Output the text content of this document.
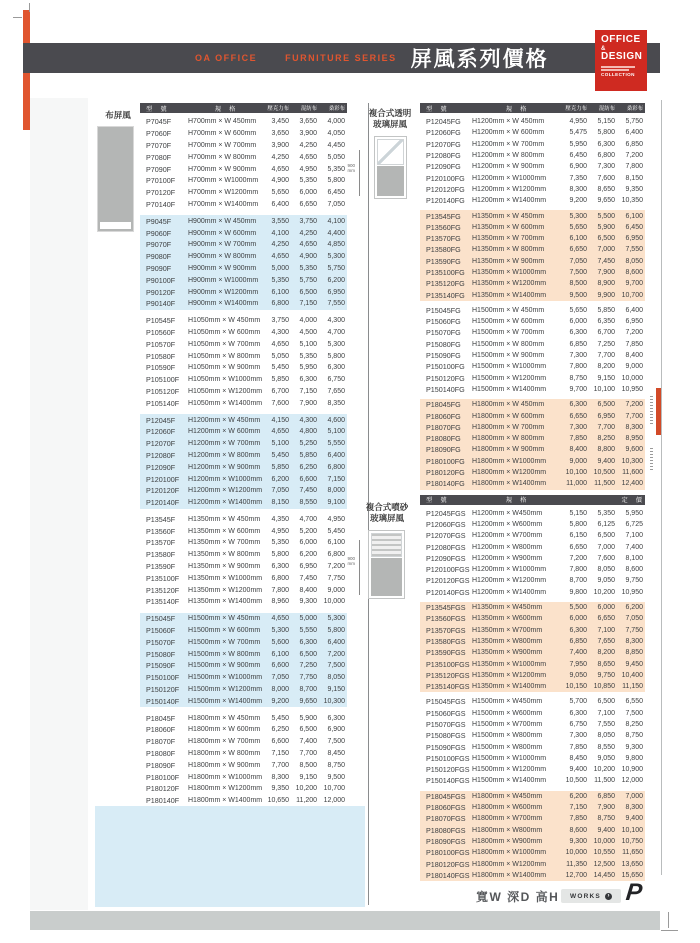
OA OFFICE	FURNITURE SERIES 屏風系列價格
OFFICE
&
DESIGN
COLLECTION
布屏風
型　號	規　格	壓克力布	混紡布	桑彩布
P7045F	H700mm × W 450mm	3,450	3,650	4,000
P7060F	H700mm × W 600mm	3,650	3,900	4,050
P7070F	H700mm × W 700mm	3,900	4,250	4,450
P7080F	H700mm × W 800mm	4,250	4,650	5,050
P7090F	H700mm × W 900mm	4,650	4,950	5,350
P70100F	H700mm × W1000mm	4,900	5,350	5,800
P70120F	H700mm × W1200mm	5,650	6,000	6,450
P70140F	H700mm × W1400mm	6,400	6,650	7,050
P9045F	H900mm × W 450mm	3,550	3,750	4,100
P9060F	H900mm × W 600mm	4,100	4,250	4,400
P9070F	H900mm × W 700mm	4,250	4,650	4,850
P9080F	H900mm × W 800mm	4,650	4,900	5,300
P9090F	H900mm × W 900mm	5,000	5,350	5,750
P90100F	H900mm × W1000mm	5,350	5,750	6,200
P90120F	H900mm × W1200mm	6,100	6,500	6,950
P90140F	H900mm × W1400mm	6,800	7,150	7,550
P10545F	H1050mm × W 450mm	3,750	4,000	4,300
P10560F	H1050mm × W 600mm	4,300	4,500	4,700
P10570F	H1050mm × W 700mm	4,650	5,100	5,300
P10580F	H1050mm × W 800mm	5,050	5,350	5,800
P10590F	H1050mm × W 900mm	5,450	5,950	6,300
P105100F	H1050mm × W1000mm	5,850	6,300	6,750
P105120F	H1050mm × W1200mm	6,700	7,150	7,650
P105140F	H1050mm × W1400mm	7,600	7,900	8,350
P12045F	H1200mm × W 450mm	4,150	4,300	4,600
P12060F	H1200mm × W 600mm	4,650	4,800	5,100
P12070F	H1200mm × W 700mm	5,100	5,250	5,550
P12080F	H1200mm × W 800mm	5,450	5,850	6,400
P12090F	H1200mm × W 900mm	5,850	6,250	6,800
P120100F	H1200mm × W1000mm	6,200	6,600	7,150
P120120F	H1200mm × W1200mm	7,050	7,450	8,000
P120140F	H1200mm × W1400mm	8,150	8,550	9,100
P13545F	H1350mm × W 450mm	4,350	4,700	4,950
P13560F	H1350mm × W 600mm	4,950	5,200	5,450
P13570F	H1350mm × W 700mm	5,350	6,000	6,100
P13580F	H1350mm × W 800mm	5,800	6,200	6,800
P13590F	H1350mm × W 900mm	6,300	6,950	7,200
P135100F	H1350mm × W1000mm	6,800	7,450	7,750
P135120F	H1350mm × W1200mm	7,800	8,400	9,000
P135140F	H1350mm × W1400mm	8,960	9,300 10,000
P15045F	H1500mm × W 450mm	4,650	5,000	5,300
P15060F	H1500mm × W 600mm	5,300	5,550	5,800
P15070F	H1500mm × W 700mm	5,600	6,300	6,400
P15080F	H1500mm × W 800mm	6,100	6,500	7,200
P15090F	H1500mm × W 900mm	6,600	7,250	7,500
P150100F	H1500mm × W1000mm	7,050	7,750	8,050
P150120F	H1500mm × W1200mm	8,000	8,700	9,150
P150140F	H1500mm × W1400mm	9,200	9,650 10,300
P18045F	H1800mm × W 450mm	5,450	5,900	6,300
P18060F	H1800mm × W 600mm	6,250	6,500	6,900
P18070F	H1800mm × W 700mm	6,600	7,400	7,500
P18080F	H1800mm × W 800mm	7,150	7,700	8,450
P18090F	H1800mm × W 900mm	7,700	8,500	8,750
P180100F	H1800mm × W1000mm	8,300	9,150	9,500
P180120F	H1800mm × W1200mm	9,350 10,200 10,700
P180140F	H1800mm × W1400mm 10,650	11,200 12,000
複合式透明
玻璃屏風
900
mm
型　號	規　格	壓克力布	混紡布	桑彩布
P12045FG	H1200mm × W 450mm	4,950	5,150	5,750
P12060FG	H1200mm × W 600mm	5,475	5,800	6,400
P12070FG	H1200mm × W 700mm	5,950	6,300	6,850
P12080FG	H1200mm × W 800mm	6,450	6,800	7,200
P12090FG	H1200mm × W 900mm	6,900	7,300	7,800
P120100FG	H1200mm × W1000mm	7,350	7,600	8,150
P120120FG	H1200mm × W1200mm	8,300	8,650	9,350
P120140FG	H1200mm × W1400mm	9,200	9,650 10,350
P13545FG	H1350mm × W 450mm	5,300	5,500	6,100
P13560FG	H1350mm × W 600mm	5,650	5,900	6,450
P13570FG	H1350mm × W 700mm	6,100	6,500	6,950
P13580FG	H1350mm × W 800mm	6,650	7,000	7,550
P13590FG	H1350mm × W 900mm	7,050	7,450	8,050
P135100FG	H1350mm × W1000mm	7,500	7,900	8,600
P135120FG	H1350mm × W1200mm	8,500	8,900	9,700
P135140FG	H1350mm × W1400mm	9,500	9,900 10,700
P15045FG	H1500mm × W 450mm	5,650	5,850	6,400
P15060FG	H1500mm × W 600mm	6,000	6,350	6,950
P15070FG	H1500mm × W 700mm	6,300	6,700	7,200
P15080FG	H1500mm × W 800mm	6,850	7,250	7,850
P15090FG	H1500mm × W 900mm	7,300	7,700	8,400
P150100FG	H1500mm × W1000mm	7,800	8,200	9,000
P150120FG	H1500mm × W1200mm	8,750	9,150 10,000
P150140FG	H1500mm × W1400mm	9,700 10,100 10,950
P18045FG	H1800mm × W 450mm	6,300	6,500	7,200
P18060FG	H1800mm × W 600mm	6,650	6,950	7,700
P18070FG	H1800mm × W 700mm	7,300	7,700	8,300
P18080FG	H1800mm × W 800mm	7,850	8,250	8,950
P18090FG	H1800mm × W 900mm	8,400	8,800	9,600
P180100FG	H1800mm × W1000mm	9,000	9,400 10,300
P180120FG	H1800mm × W1200mm	10,100 10,500	11,600
P180140FG	H1800mm × W1400mm	11,000	11,500 12,400
型　號	規　格	定　價
P12045FGS H1200mm × W450mm	5,150	5,350	5,950
P12060FGS H1200mm × W600mm	5,800	6,125	6,725
P12070FGS H1200mm × W700mm	6,150	6,500	7,100
P12080FGS H1200mm × W800mm	6,650	7,000	7,400
P12090FGS H1200mm × W900mm	7,200	7,600	8,100
P120100FGS H1200mm × W1000mm	7,800	8,050	8,600
P120120FGS H1200mm × W1200mm	8,700	9,050	9,750
P120140FGS H1200mm × W1400mm	9,800 10,200 10,950
P13545FGS H1350mm × W450mm	5,500	6,000	6,200
P13560FGS H1350mm × W600mm	6,000	6,650	7,050
P13570FGS H1350mm × W700mm	6,300	7,100	7,750
P13580FGS H1350mm × W800mm	6,850	7,650	8,300
P13590FGS H1350mm × W900mm	7,400	8,200	8,850
P135100FGS H1350mm × W1000mm	7,950	8,650	9,450
P135120FGS H1350mm × W1200mm	9,050	9,750 10,400
P135140FGS H1350mm × W1400mm	10,150 10,850	11,150
P15045FGS H1500mm × W450mm	5,700	6,500	6,550
P15060FGS H1500mm × W600mm	6,300	7,100	7,500
P15070FGS H1500mm × W700mm	6,750	7,550	8,250
P15080FGS H1500mm × W800mm	7,300	8,050	8,750
P15090FGS H1500mm × W800mm	7,850	8,550	9,300
P150100FGS H1500mm × W1000mm	8,450	9,050	9,800
P150120FGS H1500mm × W1200mm	9,400 10,200 10,900
P150140FGS H1500mm × W1400mm	10,500	11,500 12,000
P18045FGS H1800mm × W450mm	6,200	6,850	7,000
P18060FGS H1800mm × W600mm	7,150	7,900	8,300
P18070FGS H1800mm × W700mm	7,850	8,750	9,400
P18080FGS H1800mm × W800mm	8,600	9,400 10,100
P18090FGS H1800mm × W900mm	9,300 10,000 10,750
P180100FGS H1800mm × W1000mm	10,000 10,550	11,650
P180120FGS H1800mm × W1200mm	11,350 12,500 13,650
P180140FGS H1800mm × W1400mm	12,700 14,450 15,650
複合式噴砂
玻璃屏風
900
mm
寬W 深D 高H WORKS	› P
